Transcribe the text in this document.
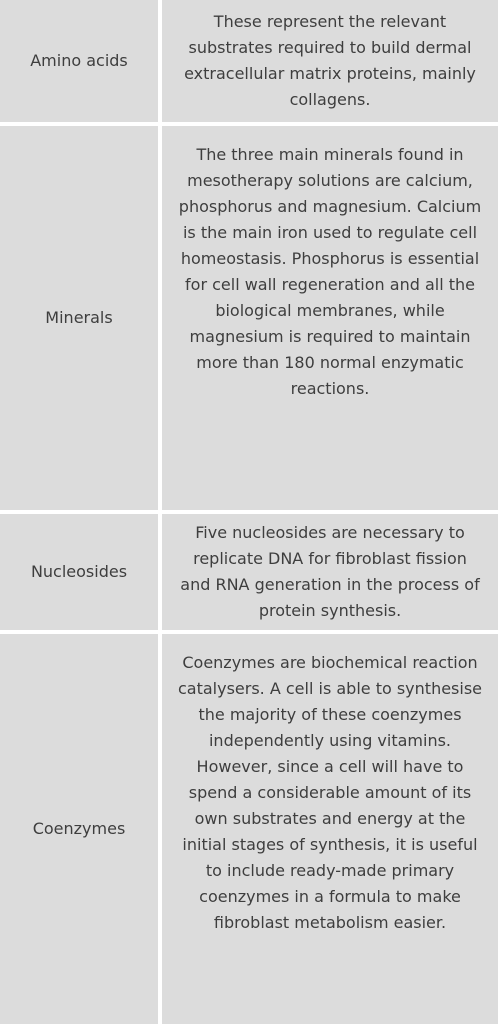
Amino acids
These represent the relevant substrates required to build dermal extracellular matrix proteins, mainly collagens.
Minerals
The three main minerals found in mesotherapy solutions are calcium, phosphorus and magnesium. Calcium is the main iron used to regulate cell homeostasis. Phosphorus is essential for cell wall regeneration and all the biological membranes, while magnesium is required to maintain more than 180 normal enzymatic reactions.
Nucleosides
Five nucleosides are necessary to replicate DNA for fibroblast fission and RNA generation in the process of protein synthesis.
Coenzymes
Coenzymes are biochemical reaction catalysers. A cell is able to synthesise the majority of these coenzymes independently using vitamins. However, since a cell will have to spend a considerable amount of its own substrates and energy at the initial stages of synthesis, it is useful to include ready-made primary coenzymes in a formula to make fibroblast metabolism easier.
